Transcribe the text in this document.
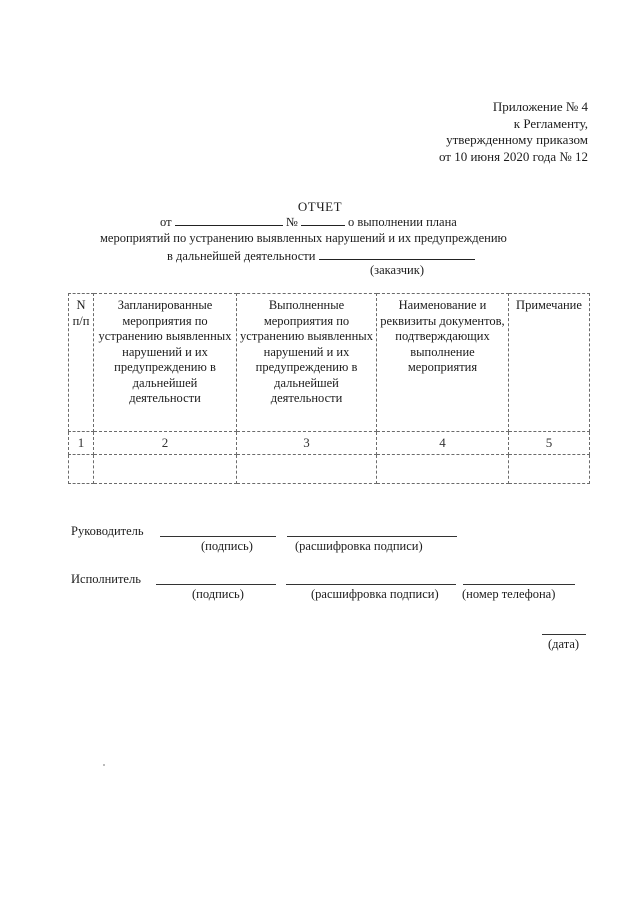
Приложение № 4
к Регламенту,
утвержденному приказом
от 10 июня 2020 года № 12
ОТЧЕТ
от	№	о выполнении плана
мероприятий по устранению выявленных нарушений и их предупреждению
в дальнейшей деятельности
(заказчик)
N п/п	Запланированные мероприятия по устранению выявленных нарушений и их предупреждению в дальнейшей деятельности	Выполненные мероприятия по устранению выявленных нарушений и их предупреждению в дальнейшей деятельности	Наименование и реквизиты документов, подтверждающих выполнение мероприятия	Примечание
1	2	3	4	5

Руководитель
(подпись)	(расшифровка подписи)
Исполнитель
(подпись)	(расшифровка подписи) (номер телефона)
(дата)
